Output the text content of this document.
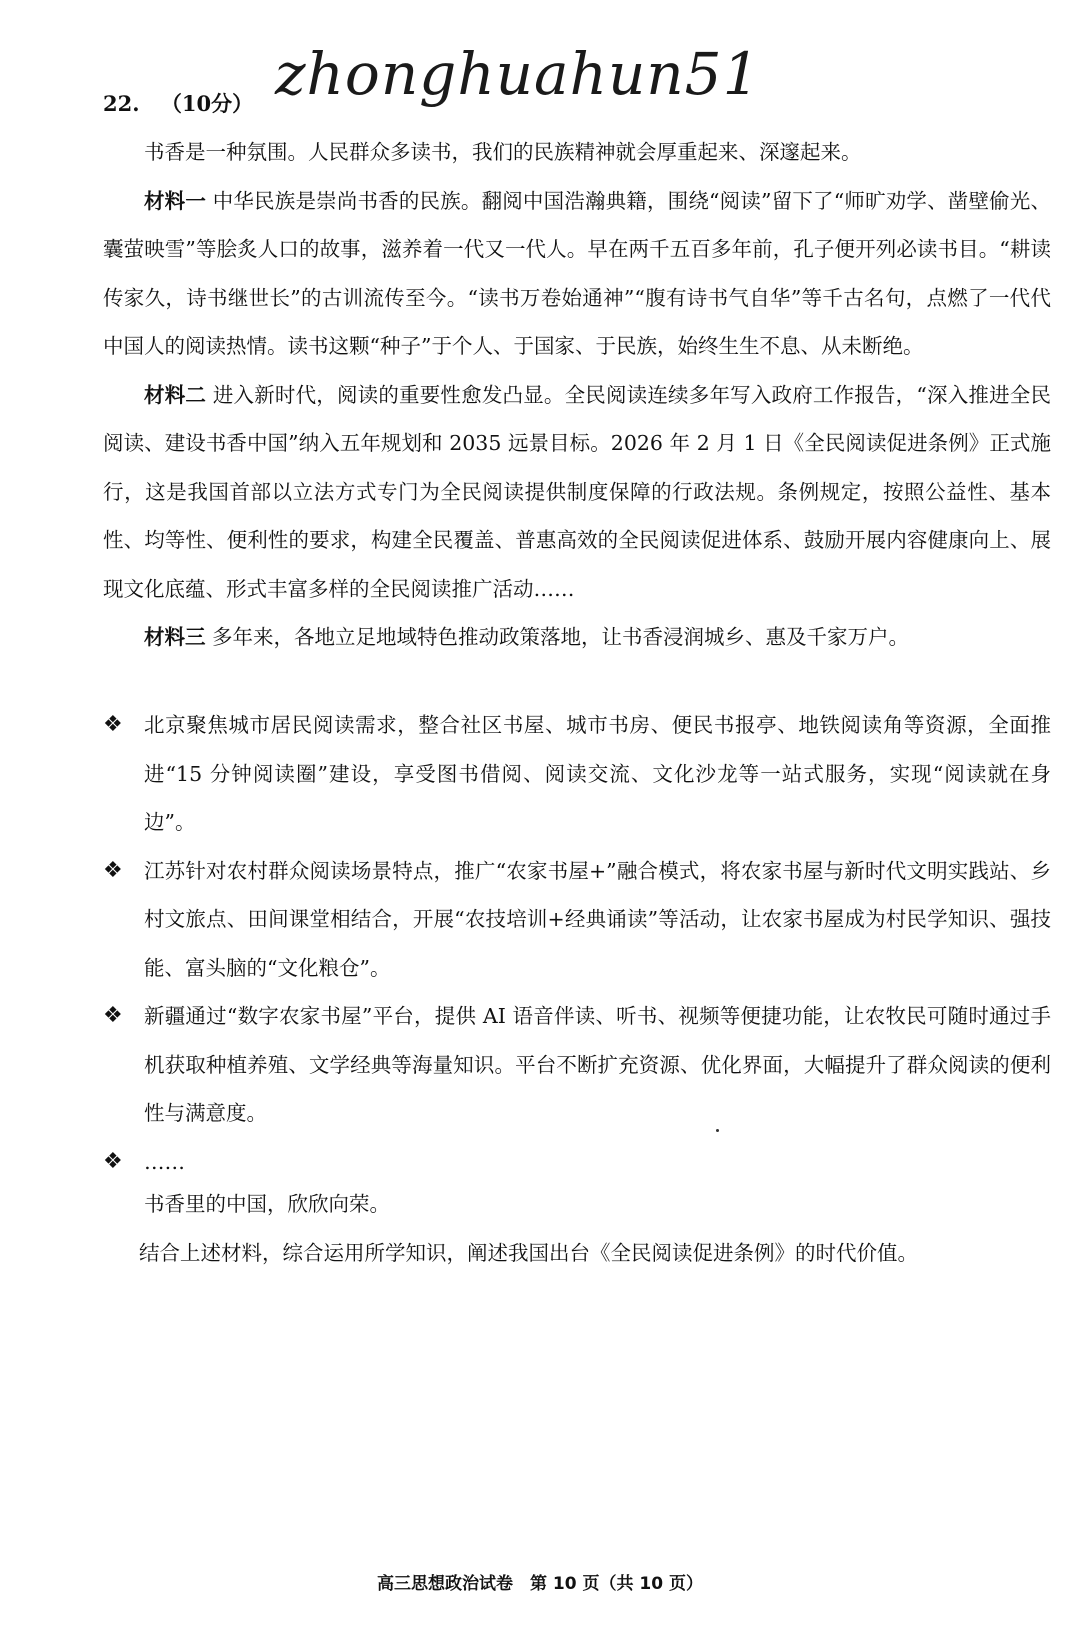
22. （10分） zhonghuahun51

书香是一种氛围。人民群众多读书，我们的民族精神就会厚重起来、深邃起来。

材料一 中华民族是崇尚书香的民族。翻阅中国浩瀚典籍，围绕“阅读”留下了“师旷劝学、凿壁偷光、囊萤映雪”等脍炙人口的故事，滋养着一代又一代人。早在两千五百多年前，孔子便开列必读书目。“耕读传家久，诗书继世长”的古训流传至今。“读书万卷始通神”“腹有诗书气自华”等千古名句，点燃了一代代中国人的阅读热情。读书这颗“种子”于个人、于国家、于民族，始终生生不息、从未断绝。

材料二 进入新时代，阅读的重要性愈发凸显。全民阅读连续多年写入政府工作报告，“深入推进全民阅读、建设书香中国”纳入五年规划和 2035 远景目标。2026 年 2 月 1 日《全民阅读促进条例》正式施行，这是我国首部以立法方式专门为全民阅读提供制度保障的行政法规。条例规定，按照公益性、基本性、均等性、便利性的要求，构建全民覆盖、普惠高效的全民阅读促进体系、鼓励开展内容健康向上、展现文化底蕴、形式丰富多样的全民阅读推广活动……

材料三 多年来，各地立足地域特色推动政策落地，让书香浸润城乡、惠及千家万户。

❖	北京聚焦城市居民阅读需求，整合社区书屋、城市书房、便民书报亭、地铁阅读角等资源，全面推进“15 分钟阅读圈”建设，享受图书借阅、阅读交流、文化沙龙等一站式服务，实现“阅读就在身边”。
❖	江苏针对农村群众阅读场景特点，推广“农家书屋+”融合模式，将农家书屋与新时代文明实践站、乡村文旅点、田间课堂相结合，开展“农技培训+经典诵读”等活动，让农家书屋成为村民学知识、强技能、富头脑的“文化粮仓”。
❖	新疆通过“数字农家书屋”平台，提供 AI 语音伴读、听书、视频等便捷功能，让农牧民可随时通过手机获取种植养殖、文学经典等海量知识。平台不断扩充资源、优化界面，大幅提升了群众阅读的便利性与满意度。
❖	……

书香里的中国，欣欣向荣。

结合上述材料，综合运用所学知识，阐述我国出台《全民阅读促进条例》的时代价值。

高三思想政治试卷　第 10 页（共 10 页）
